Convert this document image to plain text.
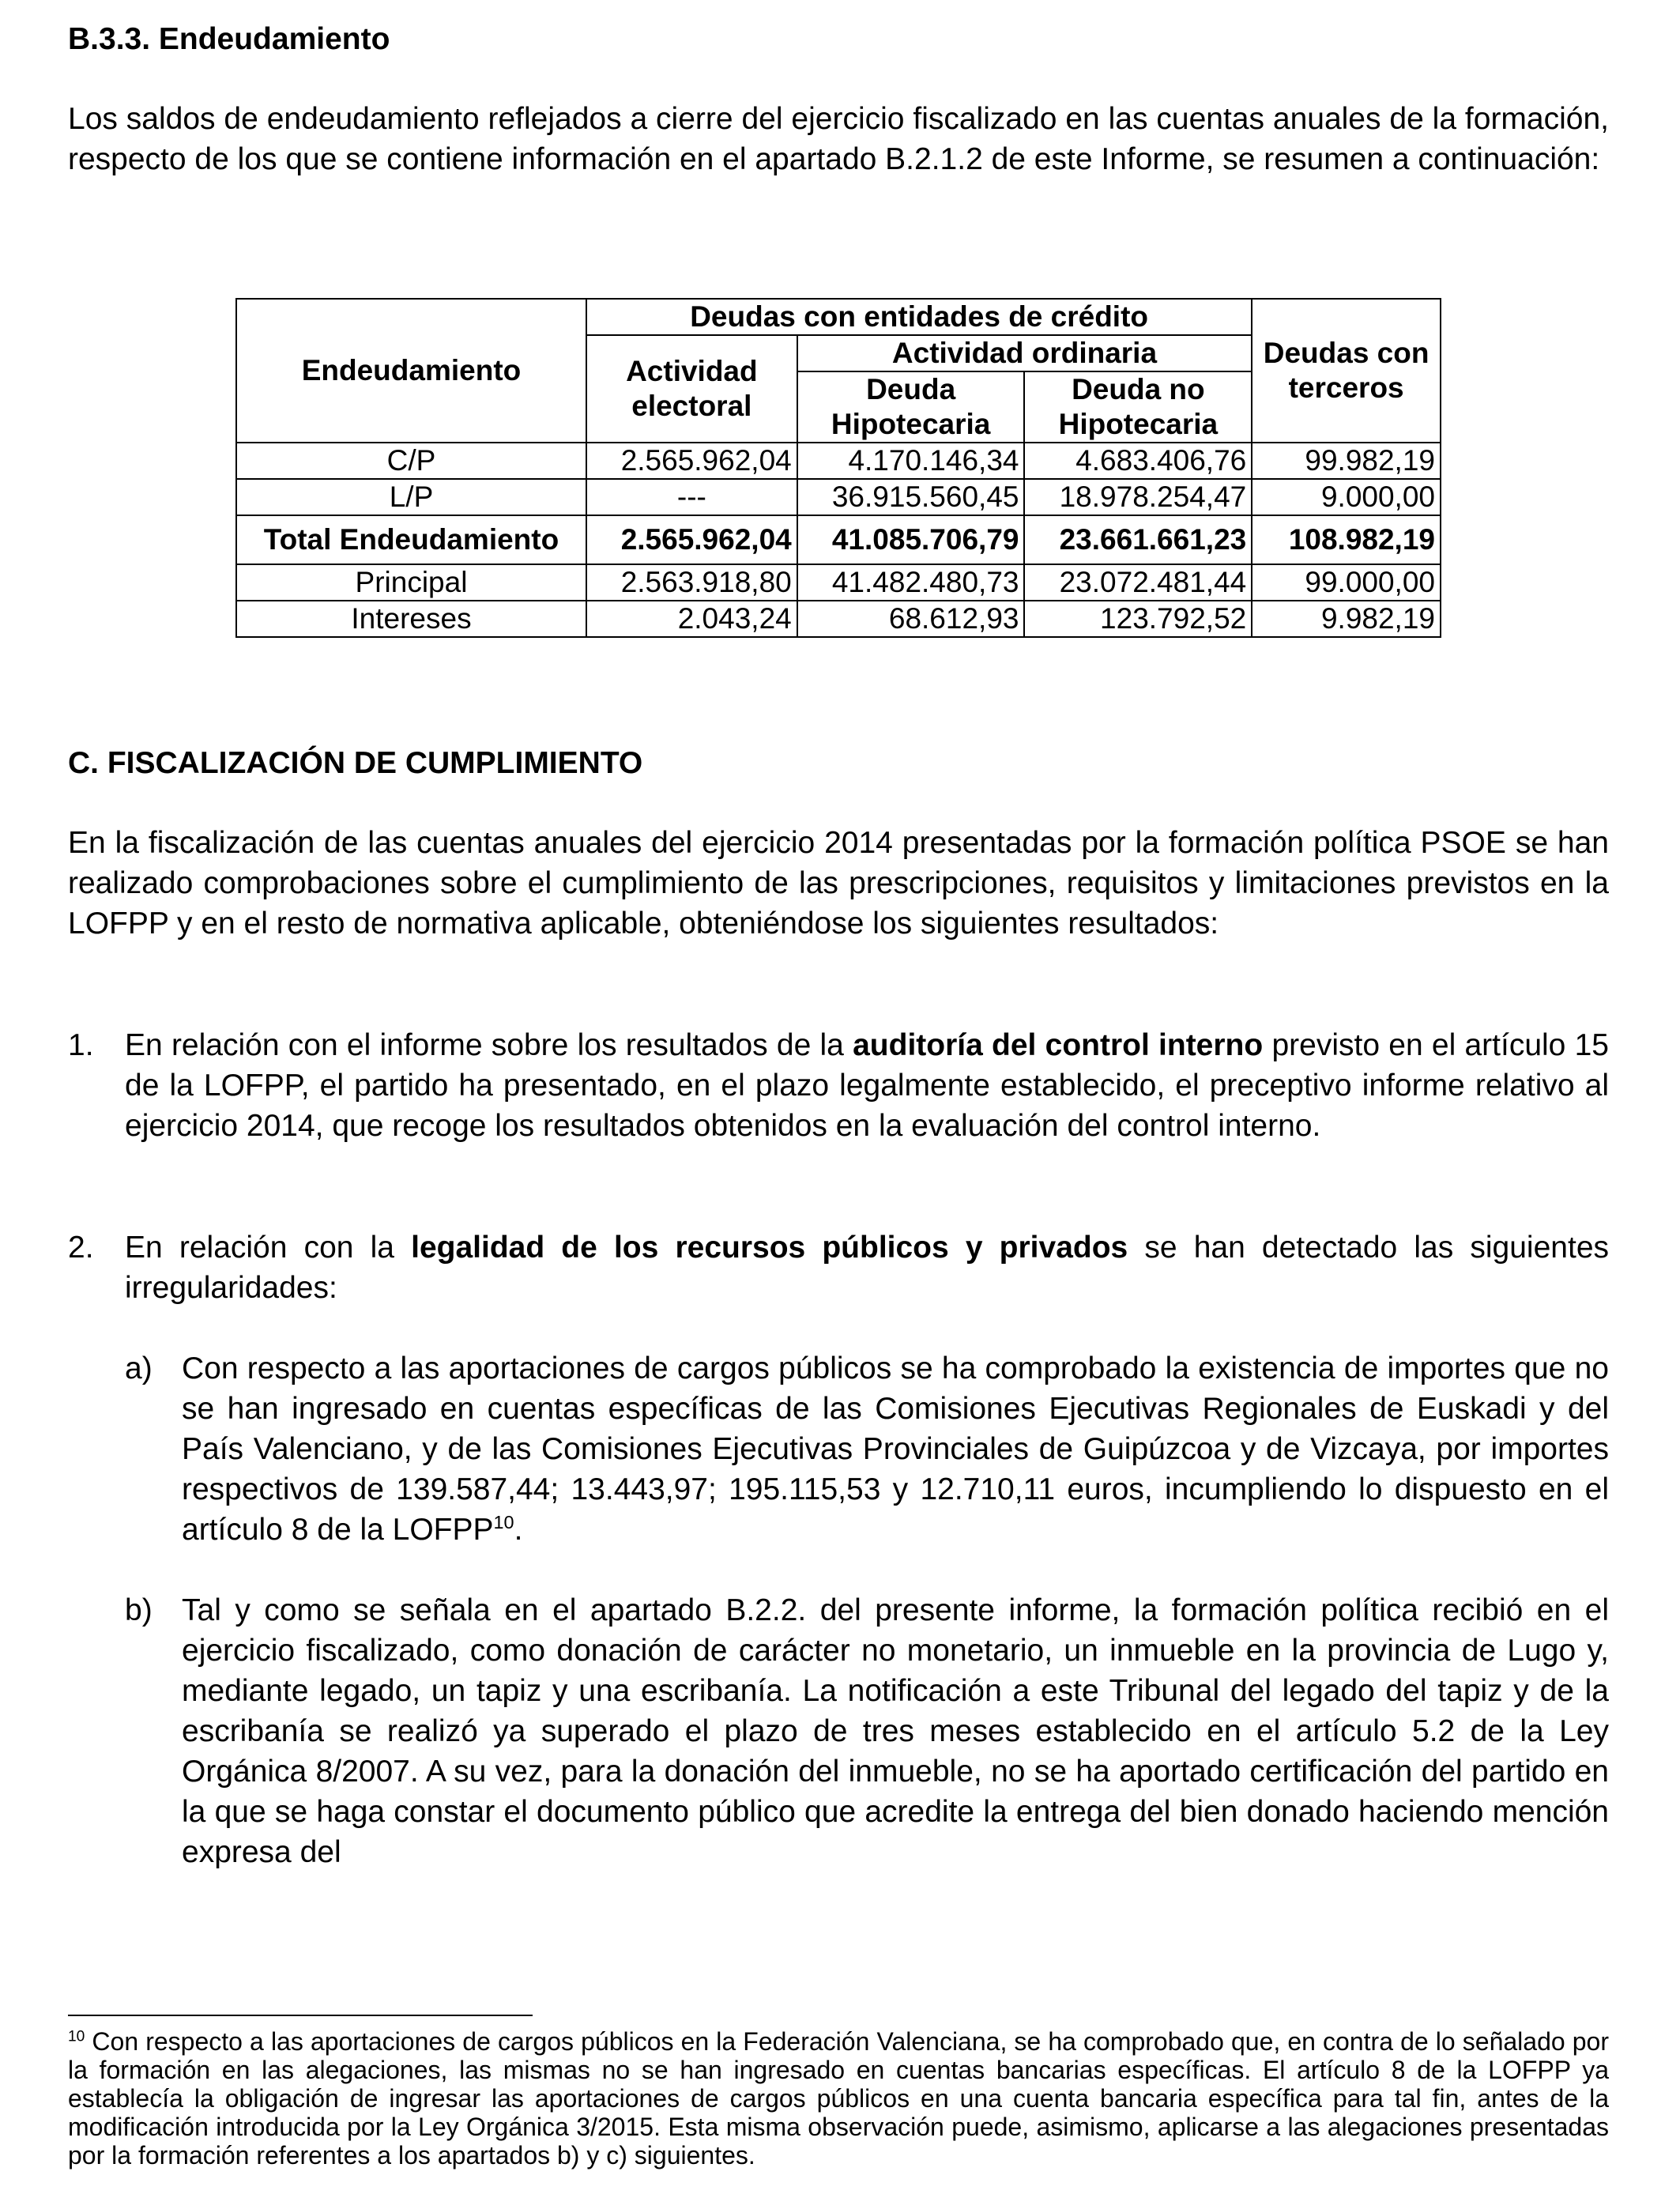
B.3.3. Endeudamiento

Los saldos de endeudamiento reflejados a cierre del ejercicio fiscalizado en las cuentas anuales de la formación, respecto de los que se contiene información en el apartado B.2.1.2 de este Informe, se resumen a continuación:

Endeudamiento	Deudas con entidades de crédito			Deudas con terceros
	Actividad electoral	Actividad ordinaria		
		Deuda Hipotecaria	Deuda no Hipotecaria	

C/P	2.565.962,04	4.170.146,34	4.683.406,76	99.982,19
L/P	---	36.915.560,45	18.978.254,47	9.000,00
Total Endeudamiento	2.565.962,04	41.085.706,79	23.661.661,23	108.982,19
Principal	2.563.918,80	41.482.480,73	23.072.481,44	99.000,00
Intereses	2.043,24	68.612,93	123.792,52	9.982,19
C. FISCALIZACIÓN DE CUMPLIMIENTO

En la fiscalización de las cuentas anuales del ejercicio 2014 presentadas por la formación política PSOE se han realizado comprobaciones sobre el cumplimiento de las prescripciones, requisitos y limitaciones previstos en la LOFPP y en el resto de normativa aplicable, obteniéndose los siguientes resultados:

1. En relación con el informe sobre los resultados de la auditoría del control interno previsto en el artículo 15 de la LOFPP, el partido ha presentado, en el plazo legalmente establecido, el preceptivo informe relativo al ejercicio 2014, que recoge los resultados obtenidos en la evaluación del control interno.

2. En relación con la legalidad de los recursos públicos y privados se han detectado las siguientes irregularidades:

a) Con respecto a las aportaciones de cargos públicos se ha comprobado la existencia de importes que no se han ingresado en cuentas específicas de las Comisiones Ejecutivas Regionales de Euskadi y del País Valenciano, y de las Comisiones Ejecutivas Provinciales de Guipúzcoa y de Vizcaya, por importes respectivos de 139.587,44; 13.443,97; 195.115,53 y 12.710,11 euros, incumpliendo lo dispuesto en el artículo 8 de la LOFPP$^{10}$.

b) Tal y como se señala en el apartado B.2.2. del presente informe, la formación política recibió en el ejercicio fiscalizado, como donación de carácter no monetario, un inmueble en la provincia de Lugo y, mediante legado, un tapiz y una escribanía. La notificación a este Tribunal del legado del tapiz y de la escribanía se realizó ya superado el plazo de tres meses establecido en el artículo 5.2 de la Ley Orgánica 8/2007. A su vez, para la donación del inmueble, no se ha aportado certificación del partido en la que se haga constar el documento público que acredite la entrega del bien donado haciendo mención expresa del

$^{10}$ Con respecto a las aportaciones de cargos públicos en la Federación Valenciana, se ha comprobado que, en contra de lo señalado por la formación en las alegaciones, las mismas no se han ingresado en cuentas bancarias específicas. El artículo 8 de la LOFPP ya establecía la obligación de ingresar las aportaciones de cargos públicos en una cuenta bancaria específica para tal fin, antes de la modificación introducida por la Ley Orgánica 3/2015. Esta misma observación puede, asimismo, aplicarse a las alegaciones presentadas por la formación referentes a los apartados b) y c) siguientes.
